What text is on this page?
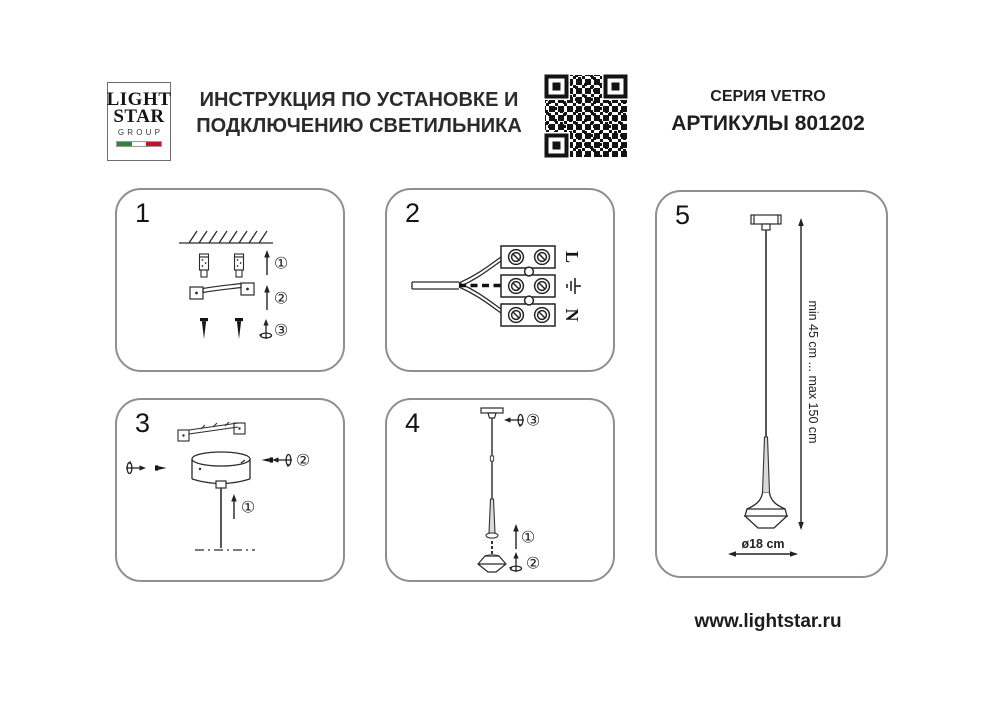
LIGHT
STAR
GROUP
ИНСТРУКЦИЯ ПО УСТАНОВКЕ И
ПОДКЛЮЧЕНИЮ СВЕТИЛЬНИКА
СЕРИЯ VETRO
АРТИКУЛЫ 801202
1
①
②
③
2
L
N
3
②
①
4	③
①
②
5
min 45 cm ... max 150 cm
ø18 cm
www.lightstar.ru
